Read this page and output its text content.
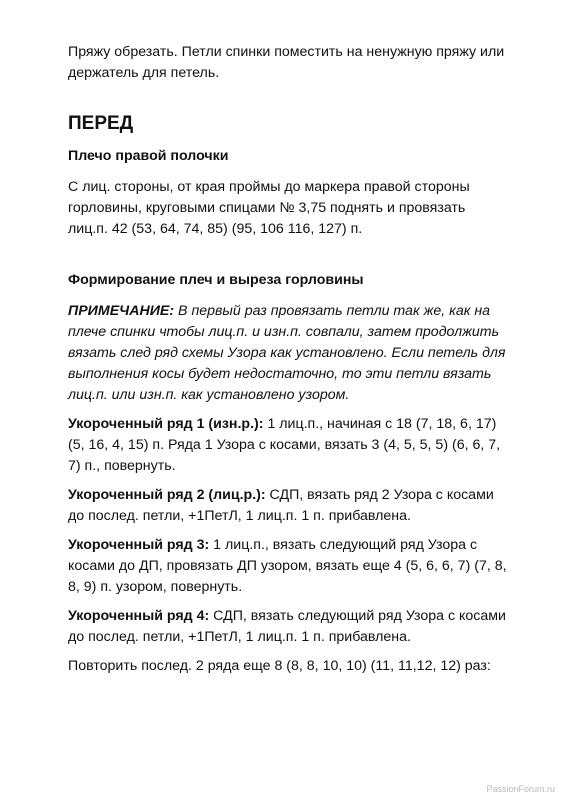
Пряжу обрезать. Петли спинки поместить на ненужную пряжу или держатель для петель.

ПЕРЕД
Плечо правой полочки

С лиц. стороны, от края проймы до маркера правой стороны горловины, круговыми спицами № 3,75 поднять и провязать лиц.п. 42 (53, 64, 74, 85) (95, 106 116, 127) п.

Формирование плеч и выреза горловины

ПРИМЕЧАНИЕ: В первый раз провязать петли так же, как на плече спинки чтобы лиц.п. и изн.п. совпали, затем продолжить вязать след ряд схемы Узора как установлено. Если петель для выполнения косы будет недостаточно, то эти петли вязать лиц.п. или изн.п. как установлено узором.

Укороченный ряд 1 (изн.р.): 1 лиц.п., начиная с 18 (7, 18, 6, 17) (5, 16, 4, 15) п. Ряда 1 Узора с косами, вязать 3 (4, 5, 5, 5) (6, 6, 7, 7) п., повернуть.

Укороченный ряд 2 (лиц.р.): СДП, вязать ряд 2 Узора с косами до послед. петли, +1ПетЛ, 1 лиц.п. 1 п. прибавлена.

Укороченный ряд 3: 1 лиц.п., вязать следующий ряд Узора с косами до ДП, провязать ДП узором, вязать еще 4 (5, 6, 6, 7) (7, 8, 8, 9) п. узором, повернуть.

Укороченный ряд 4: СДП, вязать следующий ряд Узора с косами до послед. петли, +1ПетЛ, 1 лиц.п. 1 п. прибавлена.

Повторить послед. 2 ряда еще 8 (8, 8, 10, 10) (11, 11,12, 12) раз:

PassionForum.ru
